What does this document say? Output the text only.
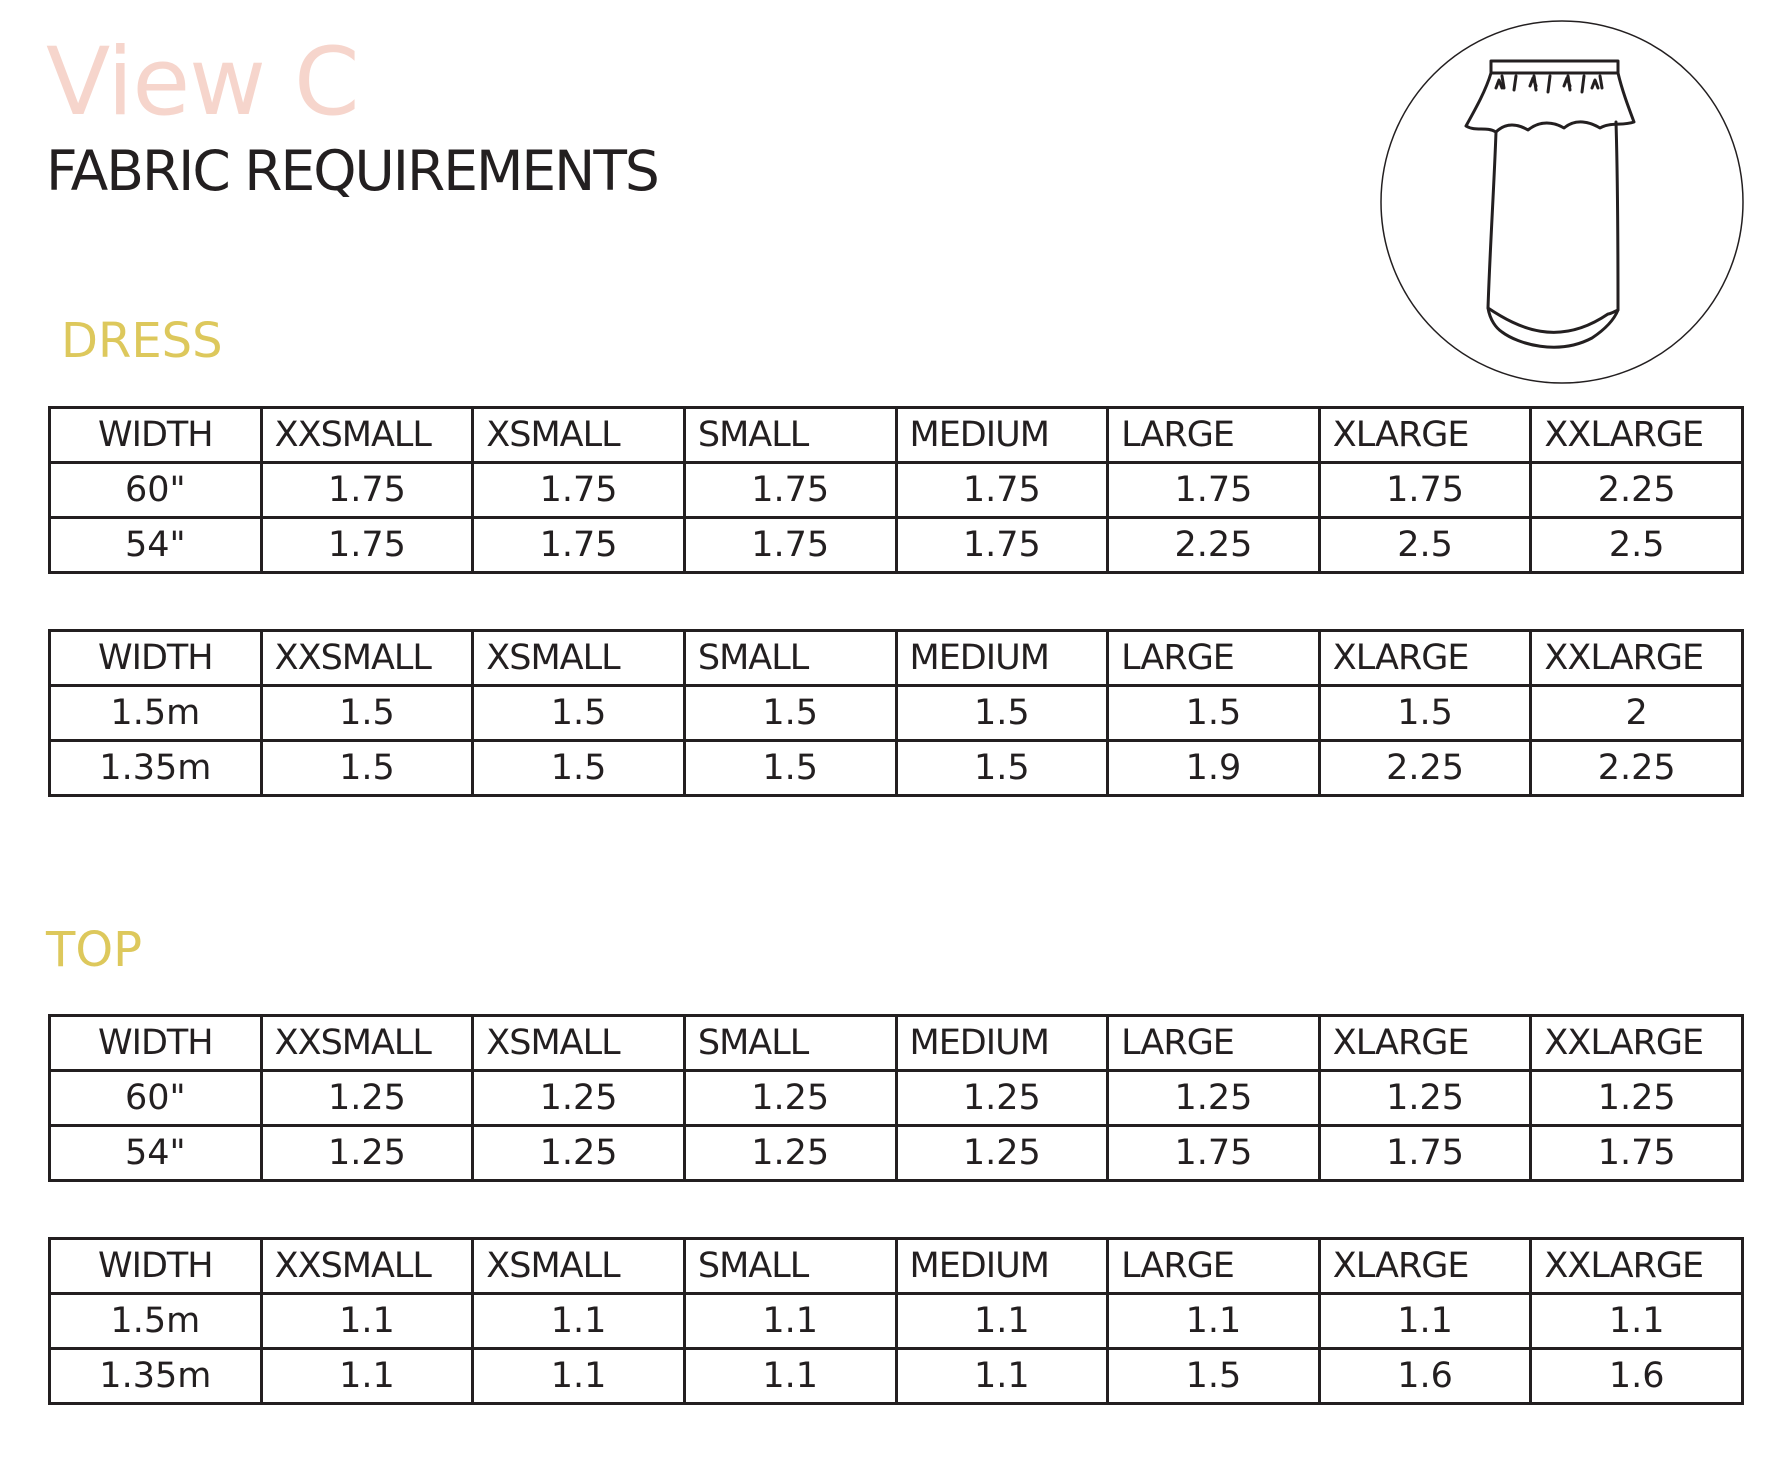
View C
FABRIC REQUIREMENTS
DRESS
WIDTH	XXSMALL	XSMALL	SMALL	MEDIUM	LARGE	XLARGE	XXLARGE
60"	1.75	1.75	1.75	1.75	1.75	1.75	2.25
54"	1.75	1.75	1.75	1.75	2.25	2.5	2.5
WIDTH	XXSMALL	XSMALL	SMALL	MEDIUM	LARGE	XLARGE	XXLARGE
1.5m	1.5	1.5	1.5	1.5	1.5	1.5	2
1.35m	1.5	1.5	1.5	1.5	1.9	2.25	2.25
TOP
WIDTH	XXSMALL	XSMALL	SMALL	MEDIUM	LARGE	XLARGE	XXLARGE
60"	1.25	1.25	1.25	1.25	1.25	1.25	1.25
54"	1.25	1.25	1.25	1.25	1.75	1.75	1.75
WIDTH	XXSMALL	XSMALL	SMALL	MEDIUM	LARGE	XLARGE	XXLARGE
1.5m	1.1	1.1	1.1	1.1	1.1	1.1	1.1
1.35m	1.1	1.1	1.1	1.1	1.5	1.6	1.6
